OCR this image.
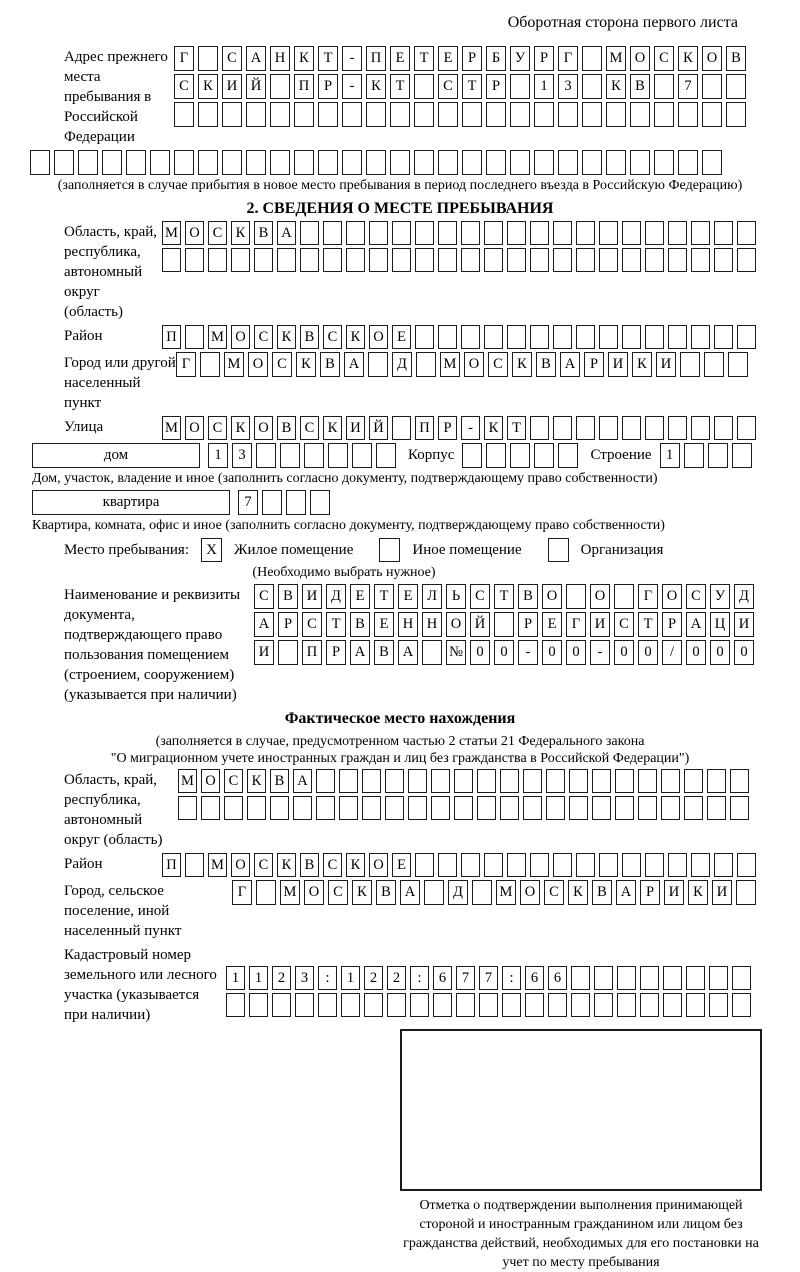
Оборотная сторона первого листа
Адрес прежнего места пребывания в Российской Федерации
Г	С А Н К	Т	-	П Е	Т	Е	Р	Б	У	Р	Г	М О С К О В
С К И Й	П	Р	-	К	Т	С	Т	Р	1	3	К В	7
(заполняется в случае прибытия в новое место пребывания в период последнего въезда в Российскую Федерацию)
2. СВЕДЕНИЯ О МЕСТЕ ПРЕБЫВАНИЯ
Область, край, республика, автономный округ (область)
М О С К В А
Район	П М О С К В С К О Е
Город или другой населенный пункт
Г	М О С К В А	Д	М О С К В А	Р	И К И
Улица	М О С К О В С К И Й П Р	-	К Т
дом	1	3	Корпус	Строение 1
Дом, участок, владение и иное (заполнить согласно документу, подтверждающему право собственности)
квартира	7
Квартира, комната, офис и иное (заполнить согласно документу, подтверждающему право собственности)
Место пребывания:	X	Жилое помещение	Иное помещение	Организация
(Необходимо выбрать нужное)
Наименование и реквизиты документа, подтверждающего право пользования помещением (строением, сооружением) (указывается при наличии)
С В И Д	Е	Т	Е	Л	Ь	С	Т	В О	О	Г	О С У Д
А	Р	С	Т	В	Е Н Н О Й	Р	Е	Г	И С	Т	Р	А Ц И
И	П	Р	А В А	№ 0	0	-	0	0	-	0	0	/	0	0	0
Фактическое место нахождения
(заполняется в случае, предусмотренном частью 2 статьи 21 Федерального закона
"О миграционном учете иностранных граждан и лиц без гражданства в Российской Федерации")
Область, край, республика, автономный округ (область)
М О С К В А
Район	П М О С К В С К О Е
Город, сельское поселение, иной населенный пункт
Г	М О С К В А	Д	М О С К В А	Р	И К И
Кадастровый номер земельного или лесного участка (указывается при наличии)
1	1	2	3	:	1	2	2	:	6	7	7	:	6	6
Отметка о подтверждении выполнения принимающей стороной и иностранным гражданином или лицом без гражданства действий, необходимых для его постановки на учет по месту пребывания
